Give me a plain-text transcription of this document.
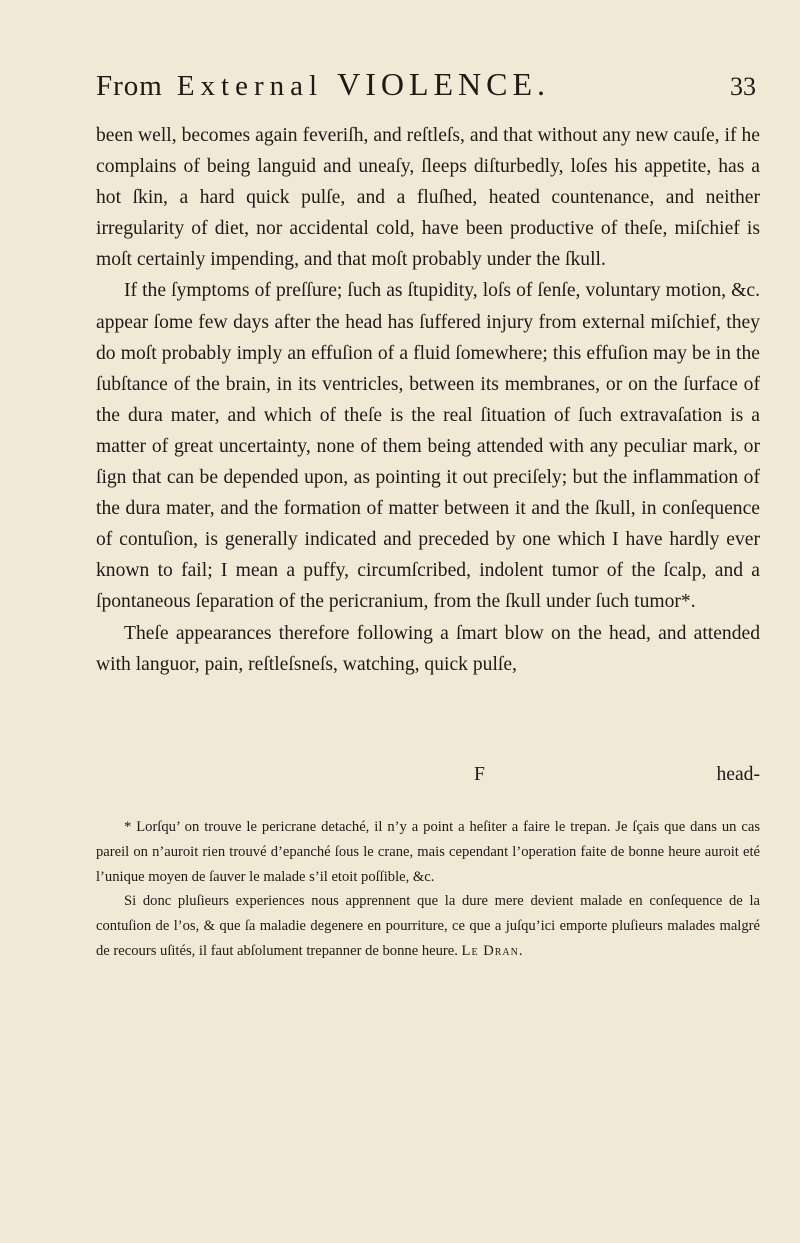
From External VIOLENCE.	33

been well, becomes again feveriſh, and reſtleſs, and that without any new cauſe, if he complains of being languid and uneaſy, ſleeps diſturbedly, loſes his appetite, has a hot ſkin, a hard quick pulſe, and a fluſhed, heated countenance, and neither irregularity of diet, nor accidental cold, have been productive of theſe, miſchief is moſt certainly impending, and that moſt probably under the ſkull.

If the ſymptoms of preſſure; ſuch as ſtupidity, loſs of ſenſe, voluntary motion, &c. appear ſome few days after the head has ſuffered injury from external miſchief, they do moſt probably imply an effuſion of a fluid ſomewhere; this effuſion may be in the ſubſtance of the brain, in its ventricles, between its membranes, or on the ſurface of the dura mater, and which of theſe is the real ſituation of ſuch extravaſation is a matter of great uncertainty, none of them being attended with any peculiar mark, or ſign that can be depended upon, as pointing it out preciſely; but the inflammation of the dura mater, and the formation of matter between it and the ſkull, in conſequence of contuſion, is generally indicated and preceded by one which I have hardly ever known to fail; I mean a puffy, circumſcribed, indolent tumor of the ſcalp, and a ſpontaneous ſeparation of the pericranium, from the ſkull under ſuch tumor*.

Theſe appearances therefore following a ſmart blow on the head, and attended with languor, pain, reſtleſsneſs, watching, quick pulſe,

F	head-

* Lorſqu’ on trouve le pericrane detaché, il n’y a point a heſiter a faire le trepan. Je ſçais que dans un cas pareil on n’auroit rien trouvé d’epanché ſous le crane, mais cependant l’operation faite de bonne heure auroit eté l’unique moyen de ſauver le malade s’il etoit poſſible, &c.

Si donc pluſieurs experiences nous apprennent que la dure mere devient malade en conſequence de la contuſion de l’os, & que ſa maladie degenere en pourriture, ce que a juſqu’ici emporte pluſieurs malades malgré de recours uſités, il faut abſolument trepanner de bonne heure. Le Dran.
